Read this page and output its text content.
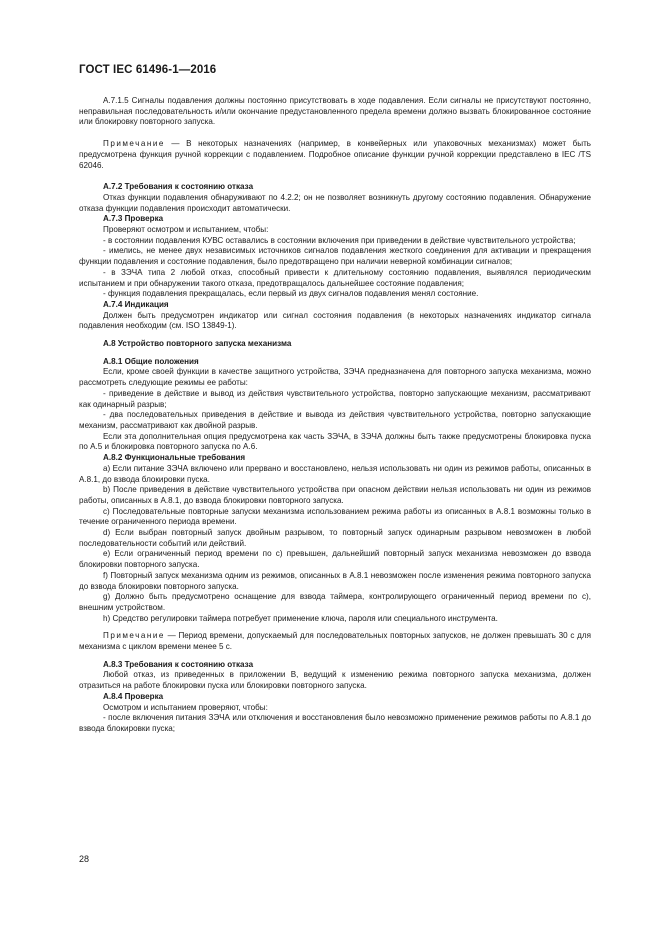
ГОСТ IEC 61496-1—2016

А.7.1.5 Сигналы подавления должны постоянно присутствовать в ходе подавления. Если сигналы не присутствуют постоянно, неправильная последовательность и/или окончание предустановленного предела времени должно вызвать блокированное состояние или блокировку повторного запуска.

Примечание — В некоторых назначениях (например, в конвейерных или упаковочных механизмах) может быть предусмотрена функция ручной коррекции с подавлением. Подробное описание функции ручной коррекции представлено в IEC /TS 62046.

А.7.2 Требования к состоянию отказа

Отказ функции подавления обнаруживают по 4.2.2; он не позволяет возникнуть другому состоянию подавления. Обнаружение отказа функции подавления происходит автоматически.

А.7.3 Проверка

Проверяют осмотром и испытанием, чтобы:

- в состоянии подавления КУВС оставались в состоянии включения при приведении в действие чувствительного устройства;

- имелись, не менее двух независимых источников сигналов подавления жесткого соединения для активации и прекращения функции подавления и состояние подавления, было предотвращено при наличии неверной комбинации сигналов;

- в ЗЭЧА типа 2 любой отказ, способный привести к длительному состоянию подавления, выявлялся периодическим испытанием и при обнаружении такого отказа, предотвращалось дальнейшее состояние подавления;

- функция подавления прекращалась, если первый из двух сигналов подавления менял состояние.

А.7.4 Индикация

Должен быть предусмотрен индикатор или сигнал состояния подавления (в некоторых назначениях индикатор сигнала подавления необходим (см. ISO 13849-1).

А.8 Устройство повторного запуска механизма

А.8.1 Общие положения

Если, кроме своей функции в качестве защитного устройства, ЗЭЧА предназначена для повторного запуска механизма, можно рассмотреть следующие режимы ее работы:

- приведение в действие и вывод из действия чувствительного устройства, повторно запускающие механизм, рассматривают как одинарный разрыв;

- два последовательных приведения в действие и вывода из действия чувствительного устройства, повторно запускающие механизм, рассматривают как двойной разрыв.

Если эта дополнительная опция предусмотрена как часть ЗЭЧА, в ЗЭЧА должны быть также предусмотрены блокировка пуска по А.5 и блокировка повторного запуска по А.6.

А.8.2 Функциональные требования

a) Если питание ЗЭЧА включено или прервано и восстановлено, нельзя использовать ни один из режимов работы, описанных в А.8.1, до взвода блокировки пуска.

b) После приведения в действие чувствительного устройства при опасном действии нельзя использовать ни один из режимов работы, описанных в А.8.1, до взвода блокировки повторного запуска.

c) Последовательные повторные запуски механизма использованием режима работы из описанных в А.8.1 возможны только в течение ограниченного периода времени.

d) Если выбран повторный запуск двойным разрывом, то повторный запуск одинарным разрывом невозможен в любой последовательности событий или действий.

e) Если ограниченный период времени по с) превышен, дальнейший повторный запуск механизма невозможен до взвода блокировки повторного запуска.

f) Повторный запуск механизма одним из режимов, описанных в А.8.1 невозможен после изменения режима повторного запуска до взвода блокировки повторного запуска.

g) Должно быть предусмотрено оснащение для взвода таймера, контролирующего ограниченный период времени по с), внешним устройством.

h) Средство регулировки таймера потребует применение ключа, пароля или специального инструмента.

Примечание — Период времени, допускаемый для последовательных повторных запусков, не должен превышать 30 с для механизма с циклом времени менее 5 с.

А.8.3 Требования к состоянию отказа

Любой отказ, из приведенных в приложении В, ведущий к изменению режима повторного запуска механизма, должен отразиться на работе блокировки пуска или блокировки повторного запуска.

А.8.4 Проверка

Осмотром и испытанием проверяют, чтобы:

- после включения питания ЗЭЧА или отключения и восстановления было невозможно применение режимов работы по А.8.1 до взвода блокировки пуска;

28
